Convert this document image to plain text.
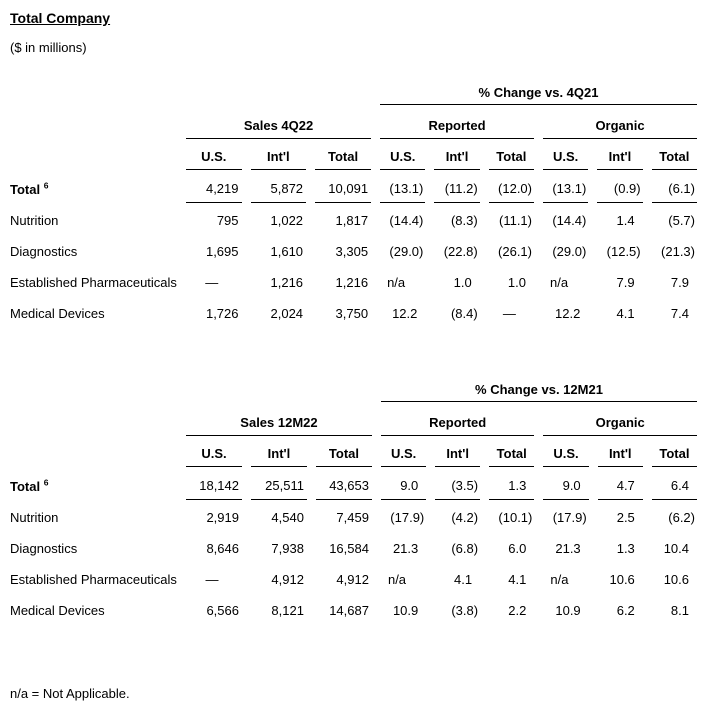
Total Company
($ in millions)
				% Change vs. 4Q21					
	Sales 4Q22			Reported			Organic		
	U.S.	Int'l	Total	U.S.	Int'l	Total	U.S.	Int'l	Total
Total $^6$	4,219	5,872	10,091	(13.1)	(11.2)	(12.0)	(13.1)	(0.9)	(6.1)
Nutrition	795	1,022	1,817	(14.4)	(8.3)	(11.1)	(14.4)	1.4	(5.7)
Diagnostics	1,695	1,610	3,305	(29.0)	(22.8)	(26.1)	(29.0)	(12.5)	(21.3)
Established Pharmaceuticals	—	1,216	1,216	n/a	1.0	1.0	n/a	7.9	7.9
Medical Devices	1,726	2,024	3,750	12.2	(8.4)	—	12.2	4.1	7.4
				% Change vs. 12M21					
	Sales 12M22			Reported			Organic		
	U.S.	Int'l	Total	U.S.	Int'l	Total	U.S.	Int'l	Total
Total $^6$	18,142	25,511	43,653	9.0	(3.5)	1.3	9.0	4.7	6.4
Nutrition	2,919	4,540	7,459	(17.9)	(4.2)	(10.1)	(17.9)	2.5	(6.2)
Diagnostics	8,646	7,938	16,584	21.3	(6.8)	6.0	21.3	1.3	10.4
Established Pharmaceuticals	—	4,912	4,912	n/a	4.1	4.1	n/a	10.6	10.6
Medical Devices	6,566	8,121	14,687	10.9	(3.8)	2.2	10.9	6.2	8.1
n/a = Not Applicable.
